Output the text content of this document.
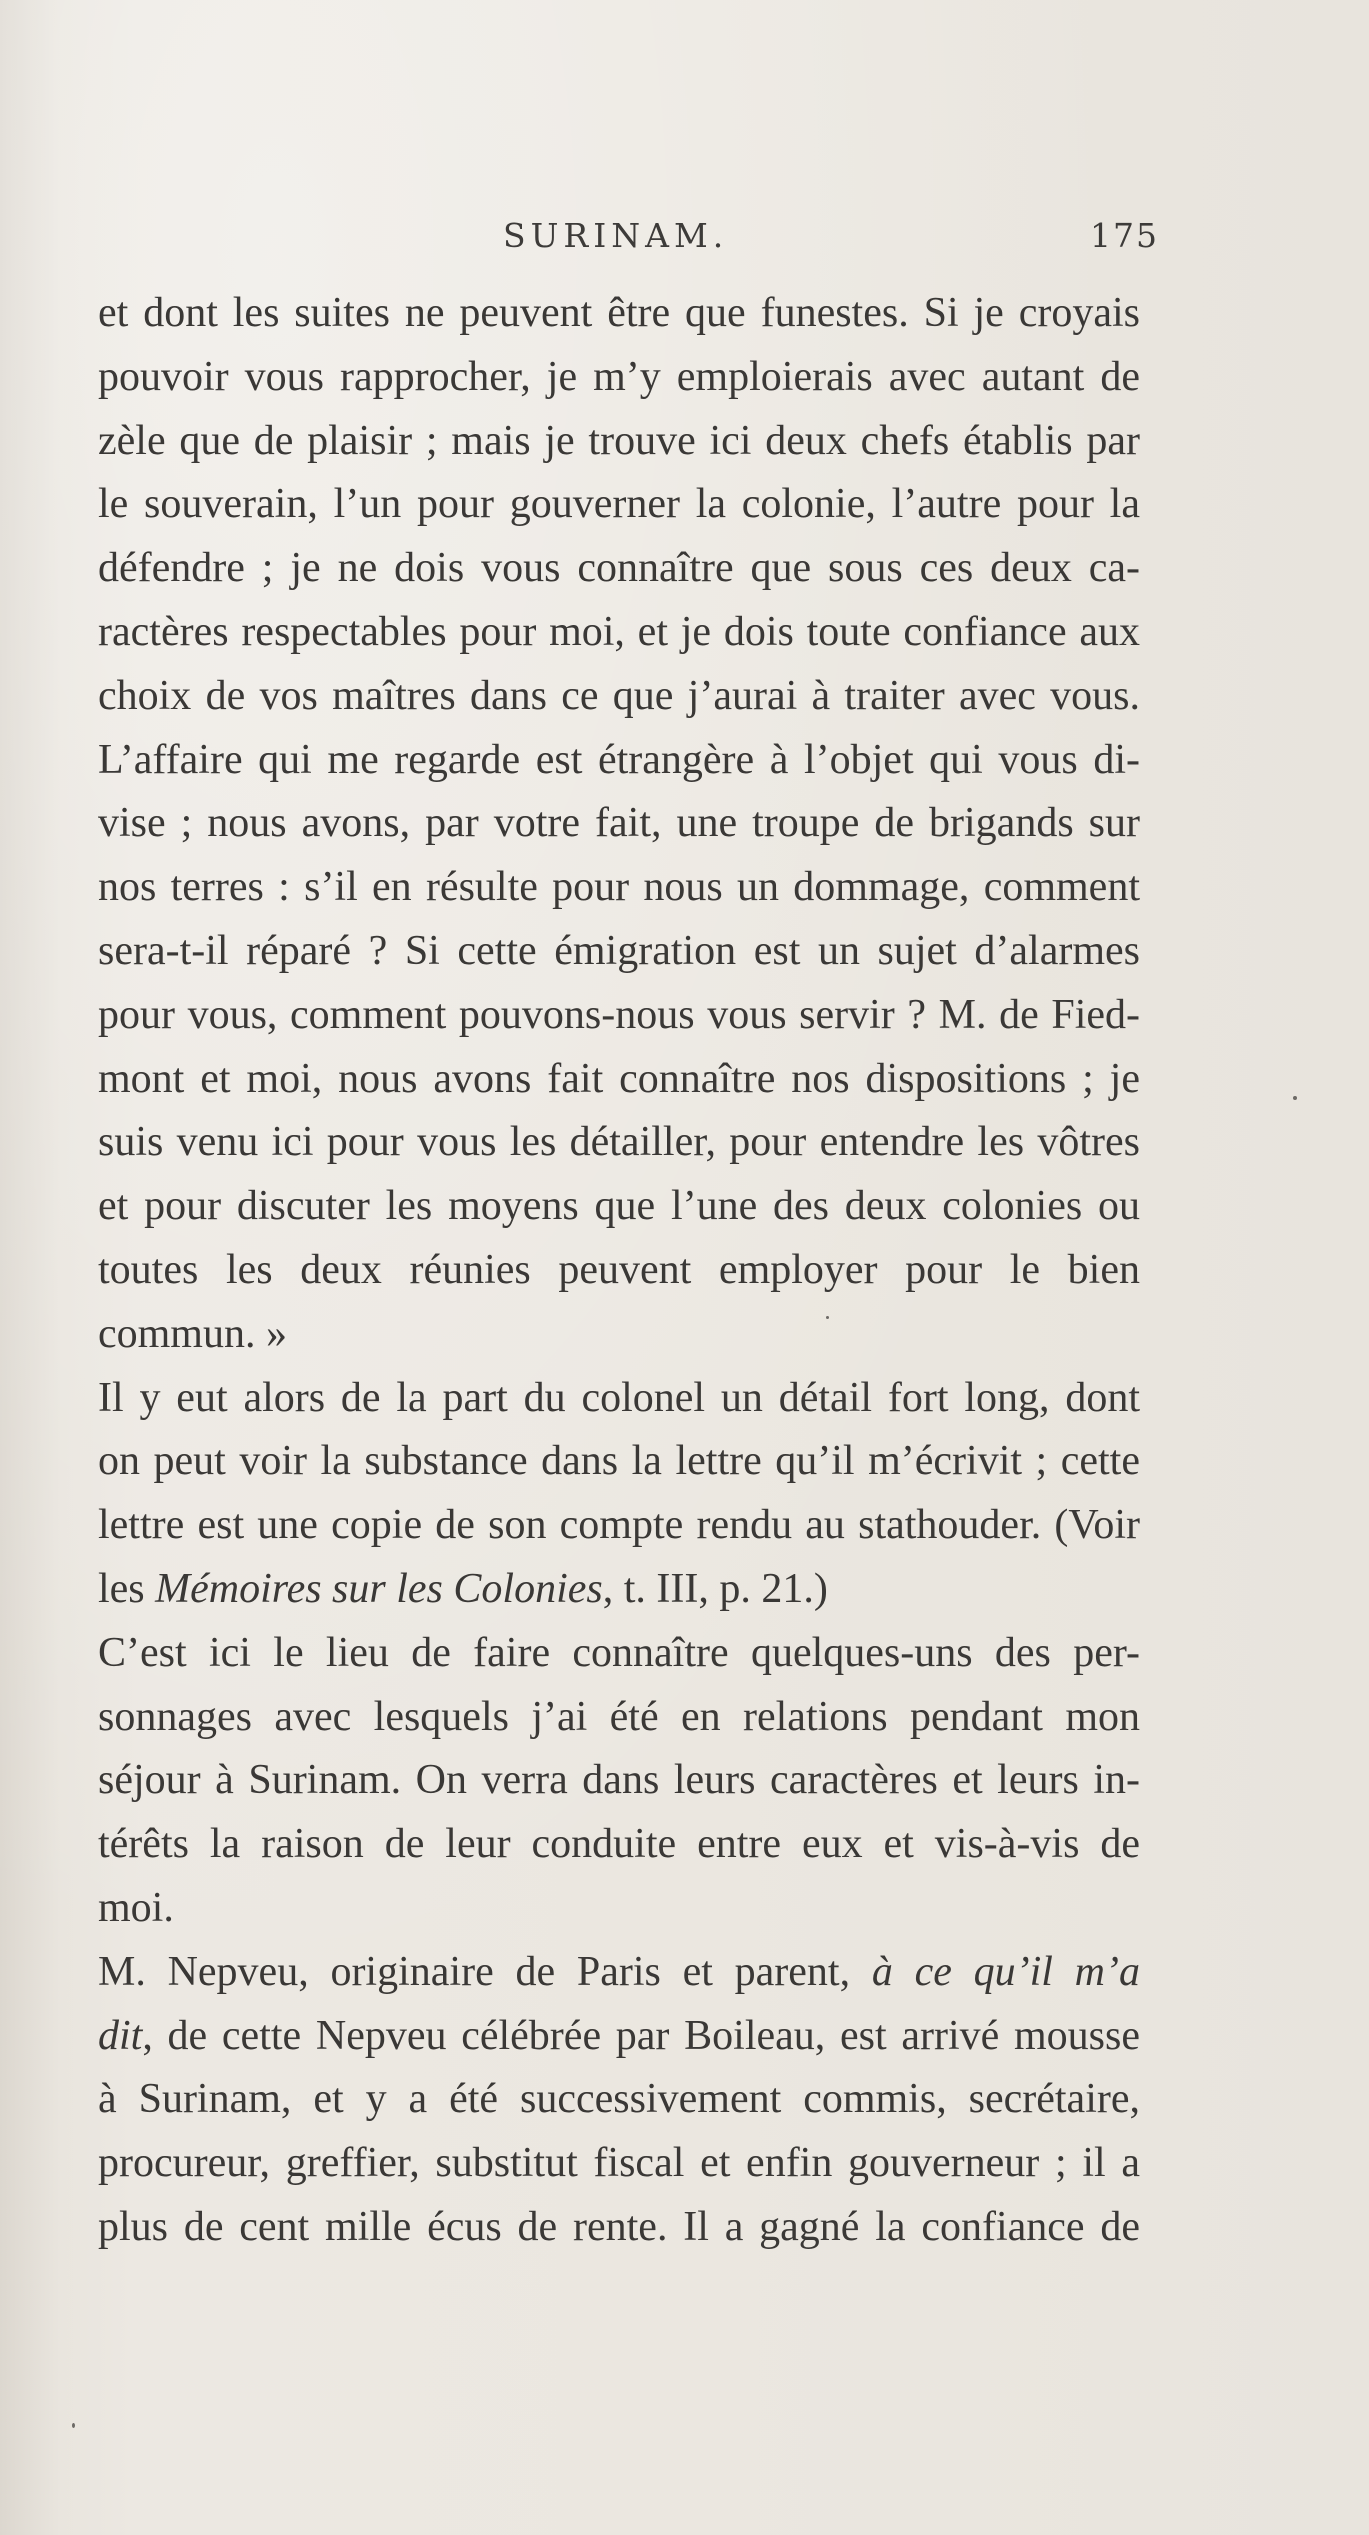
SURINAM.	175
et dont les suites ne peuvent être que funestes. Si je croyais
pouvoir vous rapprocher, je m’y emploierais avec autant de
zèle que de plaisir ; mais je trouve ici deux chefs établis par
le souverain, l’un pour gouverner la colonie, l’autre pour la
défendre ; je ne dois vous connaître que sous ces deux ca-
ractères respectables pour moi, et je dois toute confiance aux
choix de vos maîtres dans ce que j’aurai à traiter avec vous.
L’affaire qui me regarde est étrangère à l’objet qui vous di-
vise ; nous avons, par votre fait, une troupe de brigands sur
nos terres : s’il en résulte pour nous un dommage, comment
sera-t-il réparé ? Si cette émigration est un sujet d’alarmes
pour vous, comment pouvons-nous vous servir ? M. de Fied-
mont et moi, nous avons fait connaître nos dispositions ; je
suis venu ici pour vous les détailler, pour entendre les vôtres
et pour discuter les moyens que l’une des deux colonies ou
toutes les deux réunies peuvent employer pour le bien
commun. »
Il y eut alors de la part du colonel un détail fort long, dont
on peut voir la substance dans la lettre qu’il m’écrivit ; cette
lettre est une copie de son compte rendu au stathouder. (Voir
les Mémoires sur les Colonies, t. III, p. 21.)
C’est ici le lieu de faire connaître quelques-uns des per-
sonnages avec lesquels j’ai été en relations pendant mon
séjour à Surinam. On verra dans leurs caractères et leurs in-
térêts la raison de leur conduite entre eux et vis-à-vis de
moi.
M. Nepveu, originaire de Paris et parent, à ce qu’il m’a
dit, de cette Nepveu célébrée par Boileau, est arrivé mousse
à Surinam, et y a été successivement commis, secrétaire,
procureur, greffier, substitut fiscal et enfin gouverneur ; il a
plus de cent mille écus de rente. Il a gagné la confiance de
